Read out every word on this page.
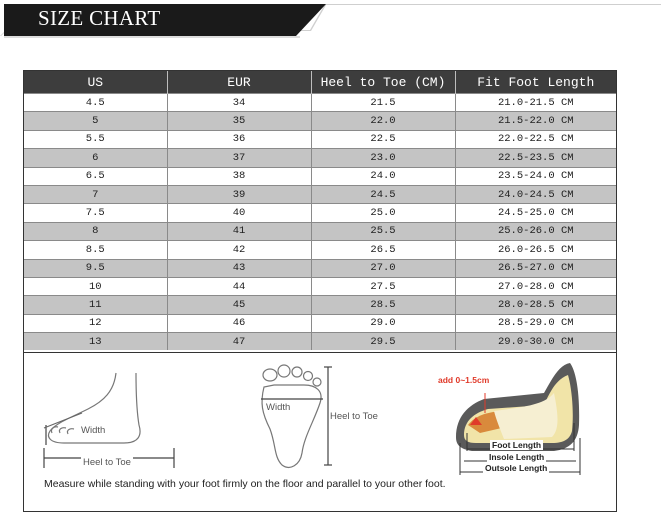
SIZE CHART
US	EUR	Heel to Toe (CM)	Fit Foot Length
4.5	34	21.5	21.0-21.5 CM
5	35	22.0	21.5-22.0 CM
5.5	36	22.5	22.0-22.5 CM
6	37	23.0	22.5-23.5 CM
6.5	38	24.0	23.5-24.0 CM
7	39	24.5	24.0-24.5 CM
7.5	40	25.0	24.5-25.0 CM
8	41	25.5	25.0-26.0 CM
8.5	42	26.5	26.0-26.5 CM
9.5	43	27.0	26.5-27.0 CM
10	44	27.5	27.0-28.0 CM
11	45	28.5	28.0-28.5 CM
12	46	29.0	28.5-29.0 CM
13	47	29.5	29.0-30.0 CM
Width
Heel to Toe
Width
Heel to Toe
add 0~1.5cm
Foot Length
Insole Length
Outsole Length
Measure while standing with your foot firmly on the floor and parallel to your other foot.
